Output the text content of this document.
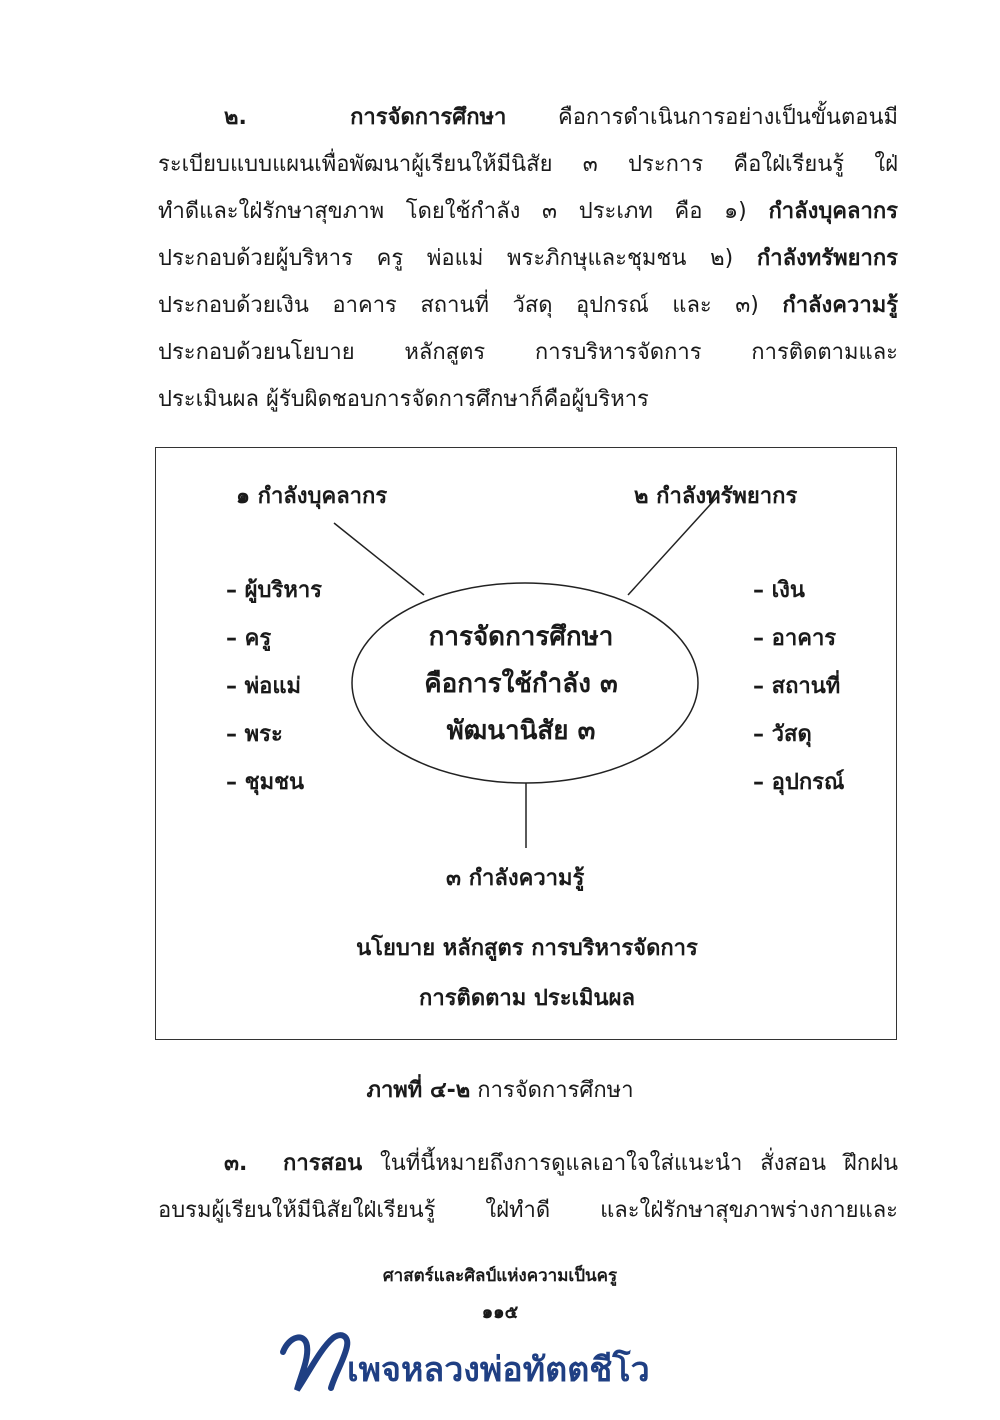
๒.	การจัดการศึกษา คือการดำเนินการอย่างเป็นขั้นตอนมี
ระเบียบแบบแผนเพื่อพัฒนาผู้เรียนให้มีนิสัย ๓ ประการ คือใฝ่เรียนรู้ ใฝ่
ทำดีและใฝ่รักษาสุขภาพ โดยใช้กำลัง ๓ ประเภท คือ ๑) กำลังบุคลากร
ประกอบด้วยผู้บริหาร ครู พ่อแม่ พระภิกษุและชุมชน ๒) กำลังทรัพยากร
ประกอบด้วยเงิน อาคาร สถานที่ วัสดุ อุปกรณ์ และ ๓) กำลังความรู้
ประกอบด้วยนโยบาย หลักสูตร การบริหารจัดการ การติดตามและ
ประเมินผล ผู้รับผิดชอบการจัดการศึกษาก็คือผู้บริหาร
๑ กำลังบุคลากร	๒ กำลังทรัพยากร
– ผู้บริหาร
– ครู
– พ่อแม่
– พระ
– ชุมชน
– เงิน
– อาคาร
– สถานที่
– วัสดุ
– อุปกรณ์
การจัดการศึกษา
คือการใช้กำลัง ๓
พัฒนานิสัย ๓
๓ กำลังความรู้
นโยบาย หลักสูตร การบริหารจัดการ
การติดตาม ประเมินผล
ภาพที่ ๔-๒ การจัดการศึกษา
๓. การสอน ในที่นี้หมายถึงการดูแลเอาใจใส่แนะนำ สั่งสอน ฝึกฝน
อบรมผู้เรียนให้มีนิสัยใฝ่เรียนรู้ ใฝ่ทำดี และใฝ่รักษาสุขภาพร่างกายและ
ศาสตร์และศิลป์แห่งความเป็นครู
๑๑๕
เพจหลวงพ่อทัตตชีโว
